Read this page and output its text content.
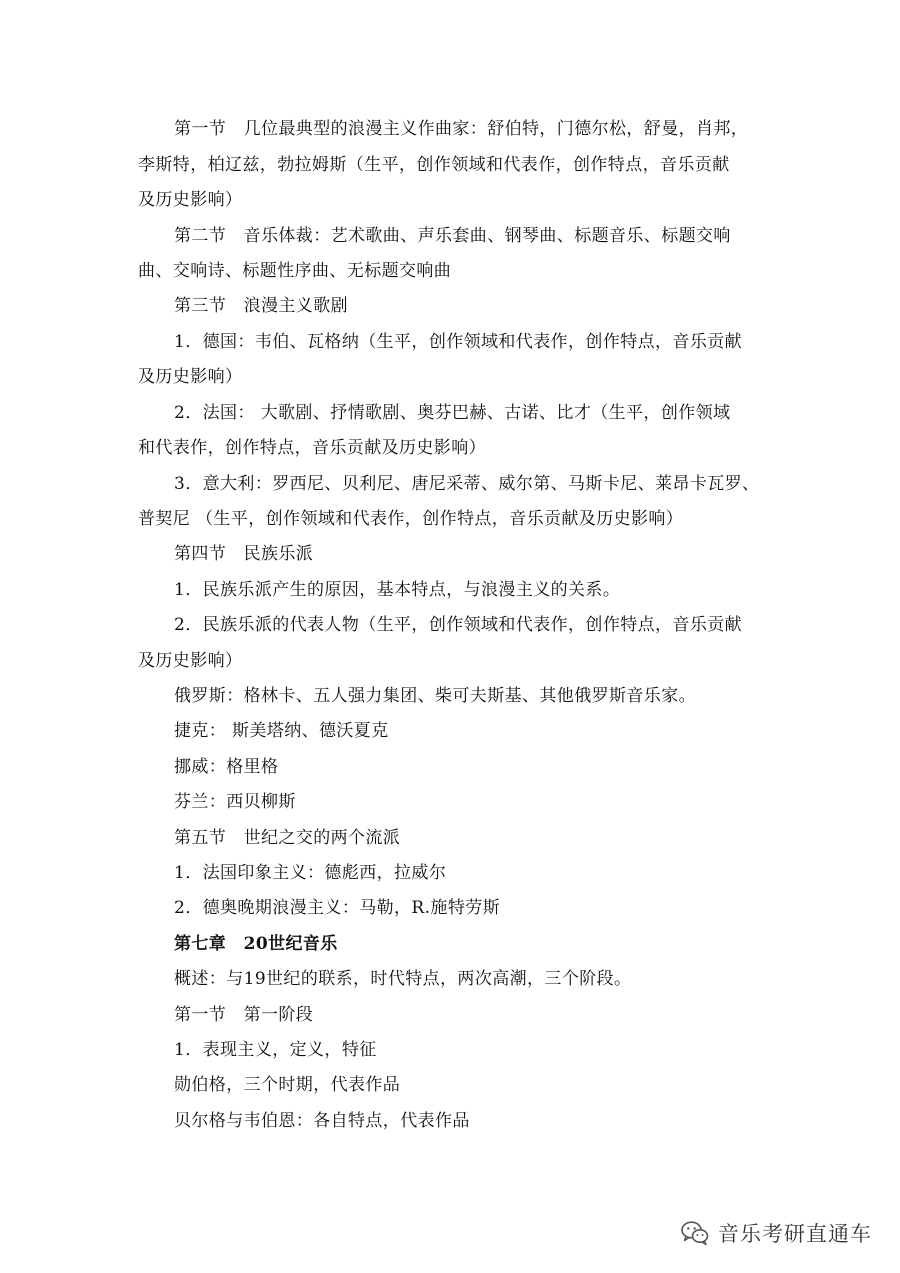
第一节　几位最典型的浪漫主义作曲家：舒伯特，门德尔松，舒曼，肖邦，
李斯特，柏辽兹，勃拉姆斯（生平，创作领域和代表作，创作特点，音乐贡献
及历史影响）
第二节　音乐体裁：艺术歌曲、声乐套曲、钢琴曲、标题音乐、标题交响
曲、交响诗、标题性序曲、无标题交响曲
第三节　浪漫主义歌剧
1．德国：韦伯、瓦格纳（生平，创作领域和代表作，创作特点，音乐贡献
及历史影响）
2．法国： 大歌剧、抒情歌剧、奥芬巴赫、古诺、比才（生平，创作领域
和代表作，创作特点，音乐贡献及历史影响）
3．意大利：罗西尼、贝利尼、唐尼采蒂、威尔第、马斯卡尼、莱昂卡瓦罗、
普契尼 （生平，创作领域和代表作，创作特点，音乐贡献及历史影响）
第四节　民族乐派
1．民族乐派产生的原因，基本特点，与浪漫主义的关系。
2．民族乐派的代表人物（生平，创作领域和代表作，创作特点，音乐贡献
及历史影响）
俄罗斯：格林卡、五人强力集团、柴可夫斯基、其他俄罗斯音乐家。
捷克： 斯美塔纳、德沃夏克
挪威：格里格
芬兰：西贝柳斯
第五节　世纪之交的两个流派
1．法国印象主义：德彪西，拉威尔
2．德奥晚期浪漫主义：马勒，R.施特劳斯
第七章　20世纪音乐
概述：与19世纪的联系，时代特点，两次高潮，三个阶段。
第一节　第一阶段
1．表现主义，定义，特征
勋伯格，三个时期，代表作品
贝尔格与韦伯恩：各自特点，代表作品
音乐考研直通车
